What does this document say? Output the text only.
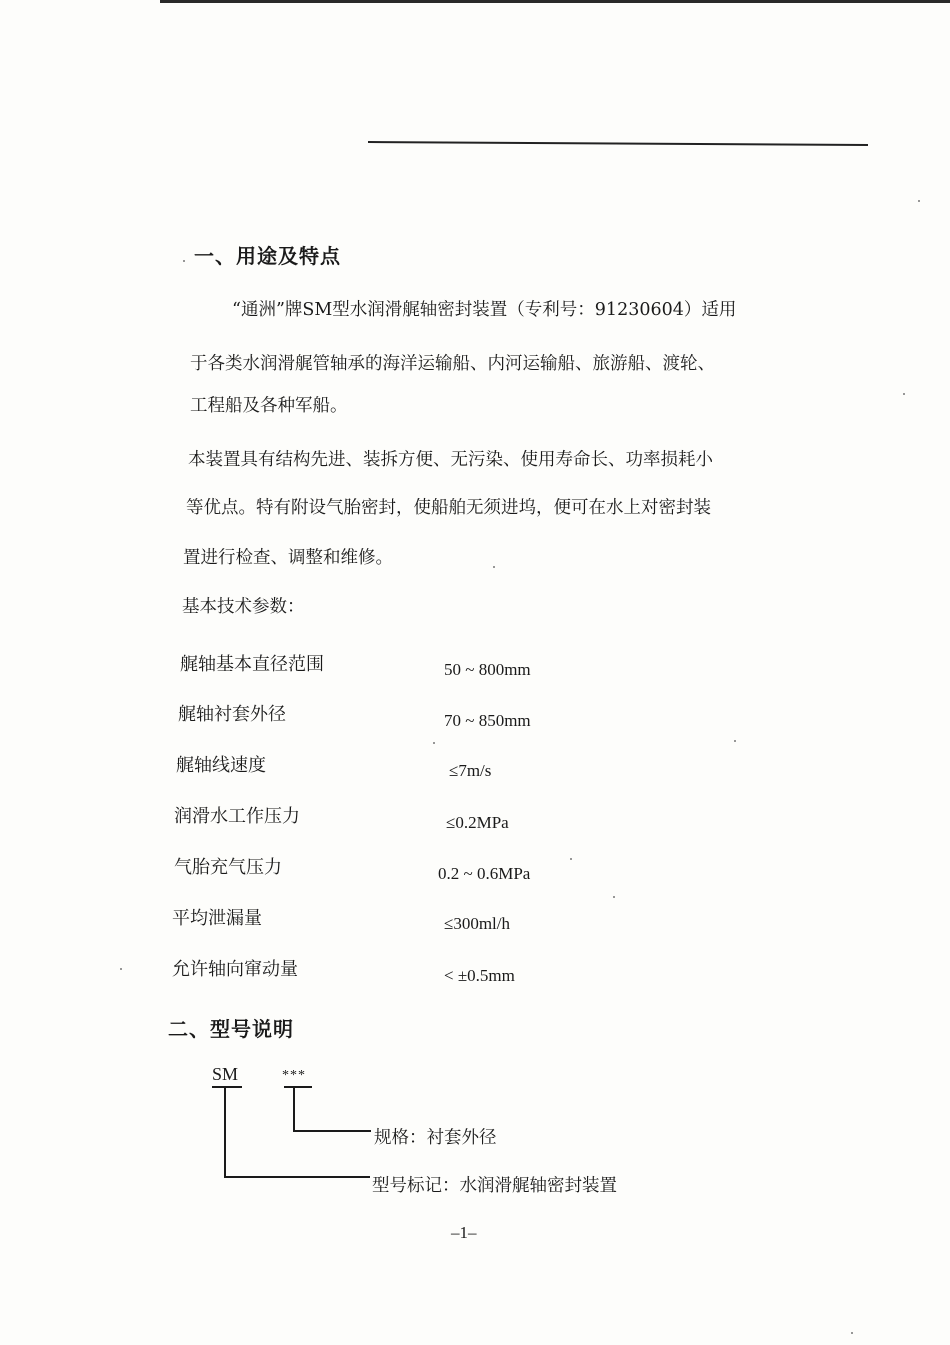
一、用途及特点
“通洲”牌SM型水润滑艉轴密封装置（专利号：91230604）适用
于各类水润滑艉管轴承的海洋运输船、内河运输船、旅游船、渡轮、
工程船及各种军船。
本装置具有结构先进、装拆方便、无污染、使用寿命长、功率损耗小
等优点。特有附设气胎密封，使船舶无须进坞，便可在水上对密封装
置进行检查、调整和维修。
基本技术参数：
艉轴基本直径范围	50 ~ 800mm
艉轴衬套外径	70 ~ 850mm
艉轴线速度	≤7m/s
润滑水工作压力	≤0.2MPa
气胎充气压力	0.2 ~ 0.6MPa
平均泄漏量	≤300ml/h
允许轴向窜动量	< ±0.5mm
二、型号说明
SM	***
规格：衬套外径
型号标记：水润滑艉轴密封装置
–1–
